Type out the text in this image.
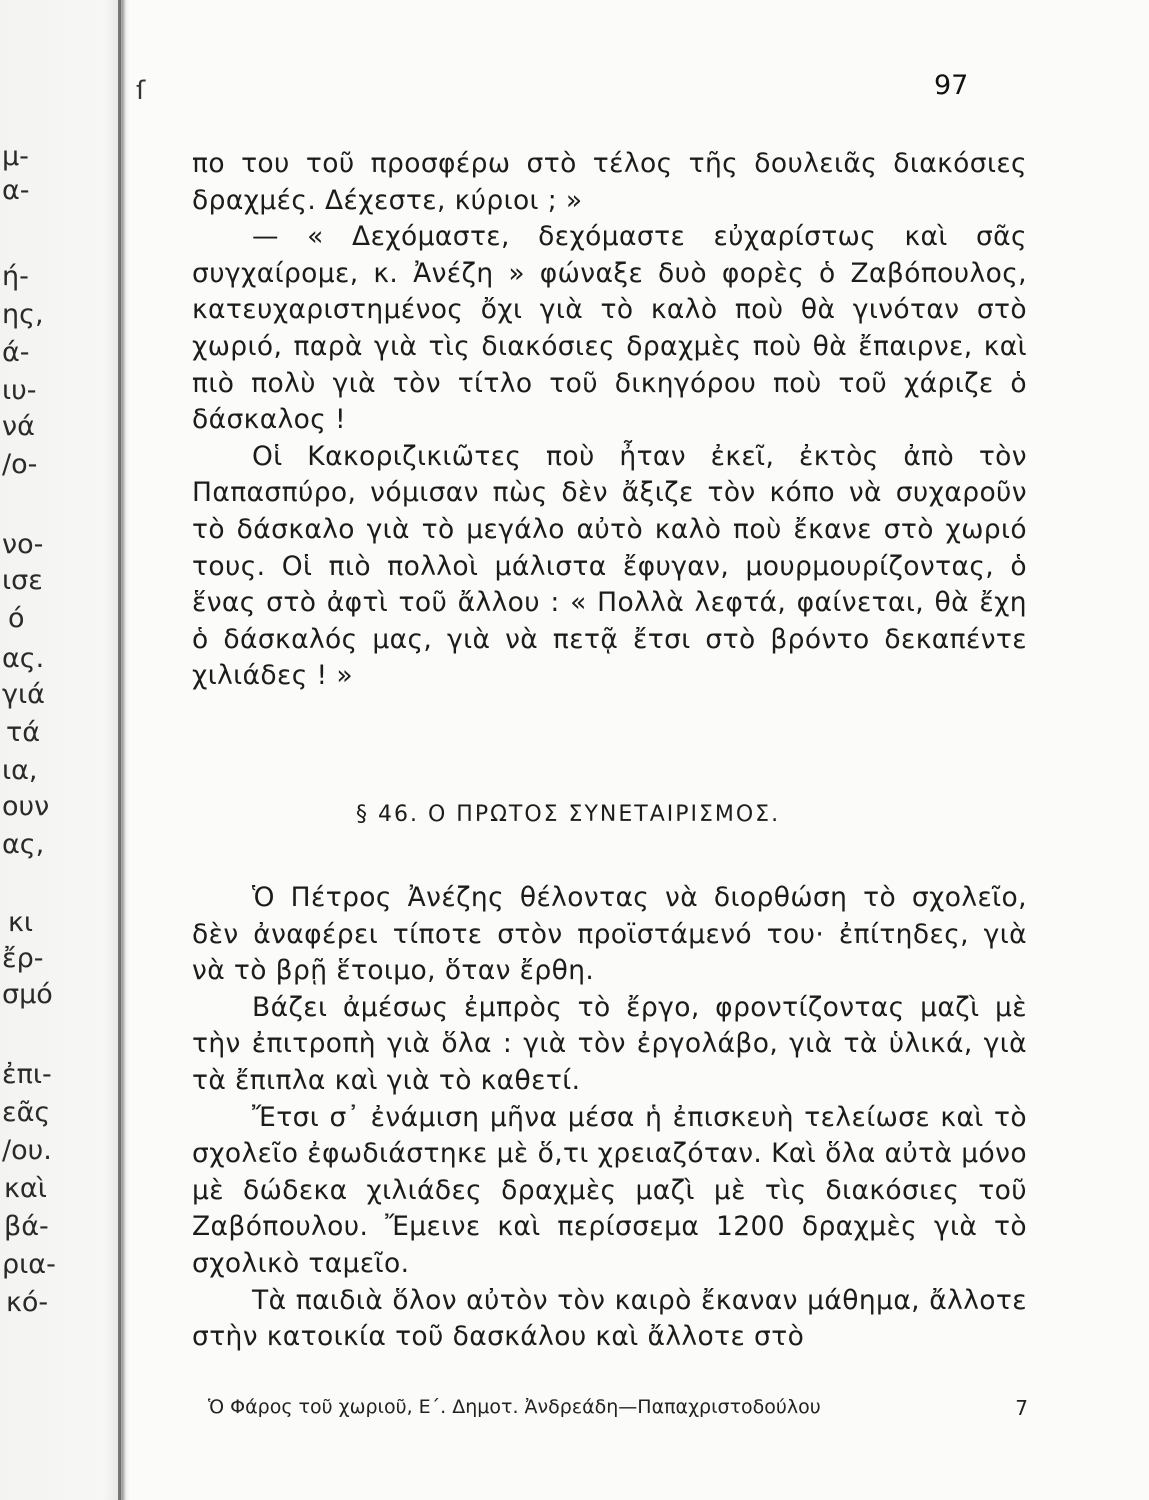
μ-
α-
ή-
ης,
ά-
ιυ-
νά
/ο-
νο-
ισε
ό
ας.
γιά
τά
ια,
ουν
ας,
κι
ἔρ-
σμό
ἐπι-
εᾶς
/ου.
καὶ
βά-
ρια-
κό-
ſ	97

πο του τοῦ προσφέρω στὸ τέλος τῆς δουλειᾶς διακόσιες δραχμές. Δέχεστε, κύριοι ; »

— « Δεχόμαστε, δεχόμαστε εὐχαρίστως καὶ σᾶς συγχαίρομε, κ. Ἀνέζη » φώναξε δυὸ φορὲς ὁ Ζαβόπουλος, κατευχαριστημένος ὄχι γιὰ τὸ καλὸ ποὺ θὰ γινόταν στὸ χωριό, παρὰ γιὰ τὶς διακόσιες δραχμὲς ποὺ θὰ ἔπαιρνε, καὶ πιὸ πολὺ γιὰ τὸν τίτλο τοῦ δικηγόρου ποὺ τοῦ χάριζε ὁ δάσκαλος !

Οἱ Κακοριζικιῶτες ποὺ ἦταν ἐκεῖ, ἐκτὸς ἀπὸ τὸν Παπασπύρο, νόμισαν πὼς δὲν ἄξιζε τὸν κόπο νὰ συχαροῦν τὸ δάσκαλο γιὰ τὸ μεγάλο αὐτὸ καλὸ ποὺ ἔκανε στὸ χωριό τους. Οἱ πιὸ πολλοὶ μάλιστα ἔφυγαν, μουρμουρίζοντας, ὁ ἕνας στὸ ἀφτὶ τοῦ ἄλλου : « Πολλὰ λεφτά, φαίνεται, θὰ ἔχη ὁ δάσκαλός μας, γιὰ νὰ πετᾷ ἔτσι στὸ βρόντο δεκαπέντε χιλιάδες ! »

§ 46. Ο ΠΡΩΤΟΣ ΣΥΝΕΤΑΙΡΙΣΜΟΣ.

Ὁ Πέτρος Ἀνέζης θέλοντας νὰ διορθώση τὸ σχολεῖο, δὲν ἀναφέρει τίποτε στὸν προϊστάμενό του· ἐπίτηδες, γιὰ νὰ τὸ βρῇ ἕτοιμο, ὅταν ἔρθη.

Βάζει ἀμέσως ἐμπρὸς τὸ ἔργο, φροντίζοντας μαζὶ μὲ τὴν ἐπιτροπὴ γιὰ ὅλα : γιὰ τὸν ἐργολάβο, γιὰ τὰ ὑλικά, γιὰ τὰ ἔπιπλα καὶ γιὰ τὸ καθετί.

Ἔτσι σ᾽ ἐνάμιση μῆνα μέσα ἡ ἐπισκευὴ τελείωσε καὶ τὸ σχολεῖο ἐφωδιάστηκε μὲ ὅ,τι χρειαζόταν. Καὶ ὅλα αὐτὰ μόνο μὲ δώδεκα χιλιάδες δραχμὲς μαζὶ μὲ τὶς διακόσιες τοῦ Ζαβόπουλου. Ἔμεινε καὶ περίσσεμα 1200 δραχμὲς γιὰ τὸ σχολικὸ ταμεῖο.

Τὰ παιδιὰ ὅλον αὐτὸν τὸν καιρὸ ἔκαναν μάθημα, ἄλλοτε στὴν κατοικία τοῦ δασκάλου καὶ ἄλλοτε στὸ

Ὁ Φάρος τοῦ χωριοῦ, Ε΄. Δημοτ. Ἀνδρεάδη—Παπαχριστοδούλου	7
